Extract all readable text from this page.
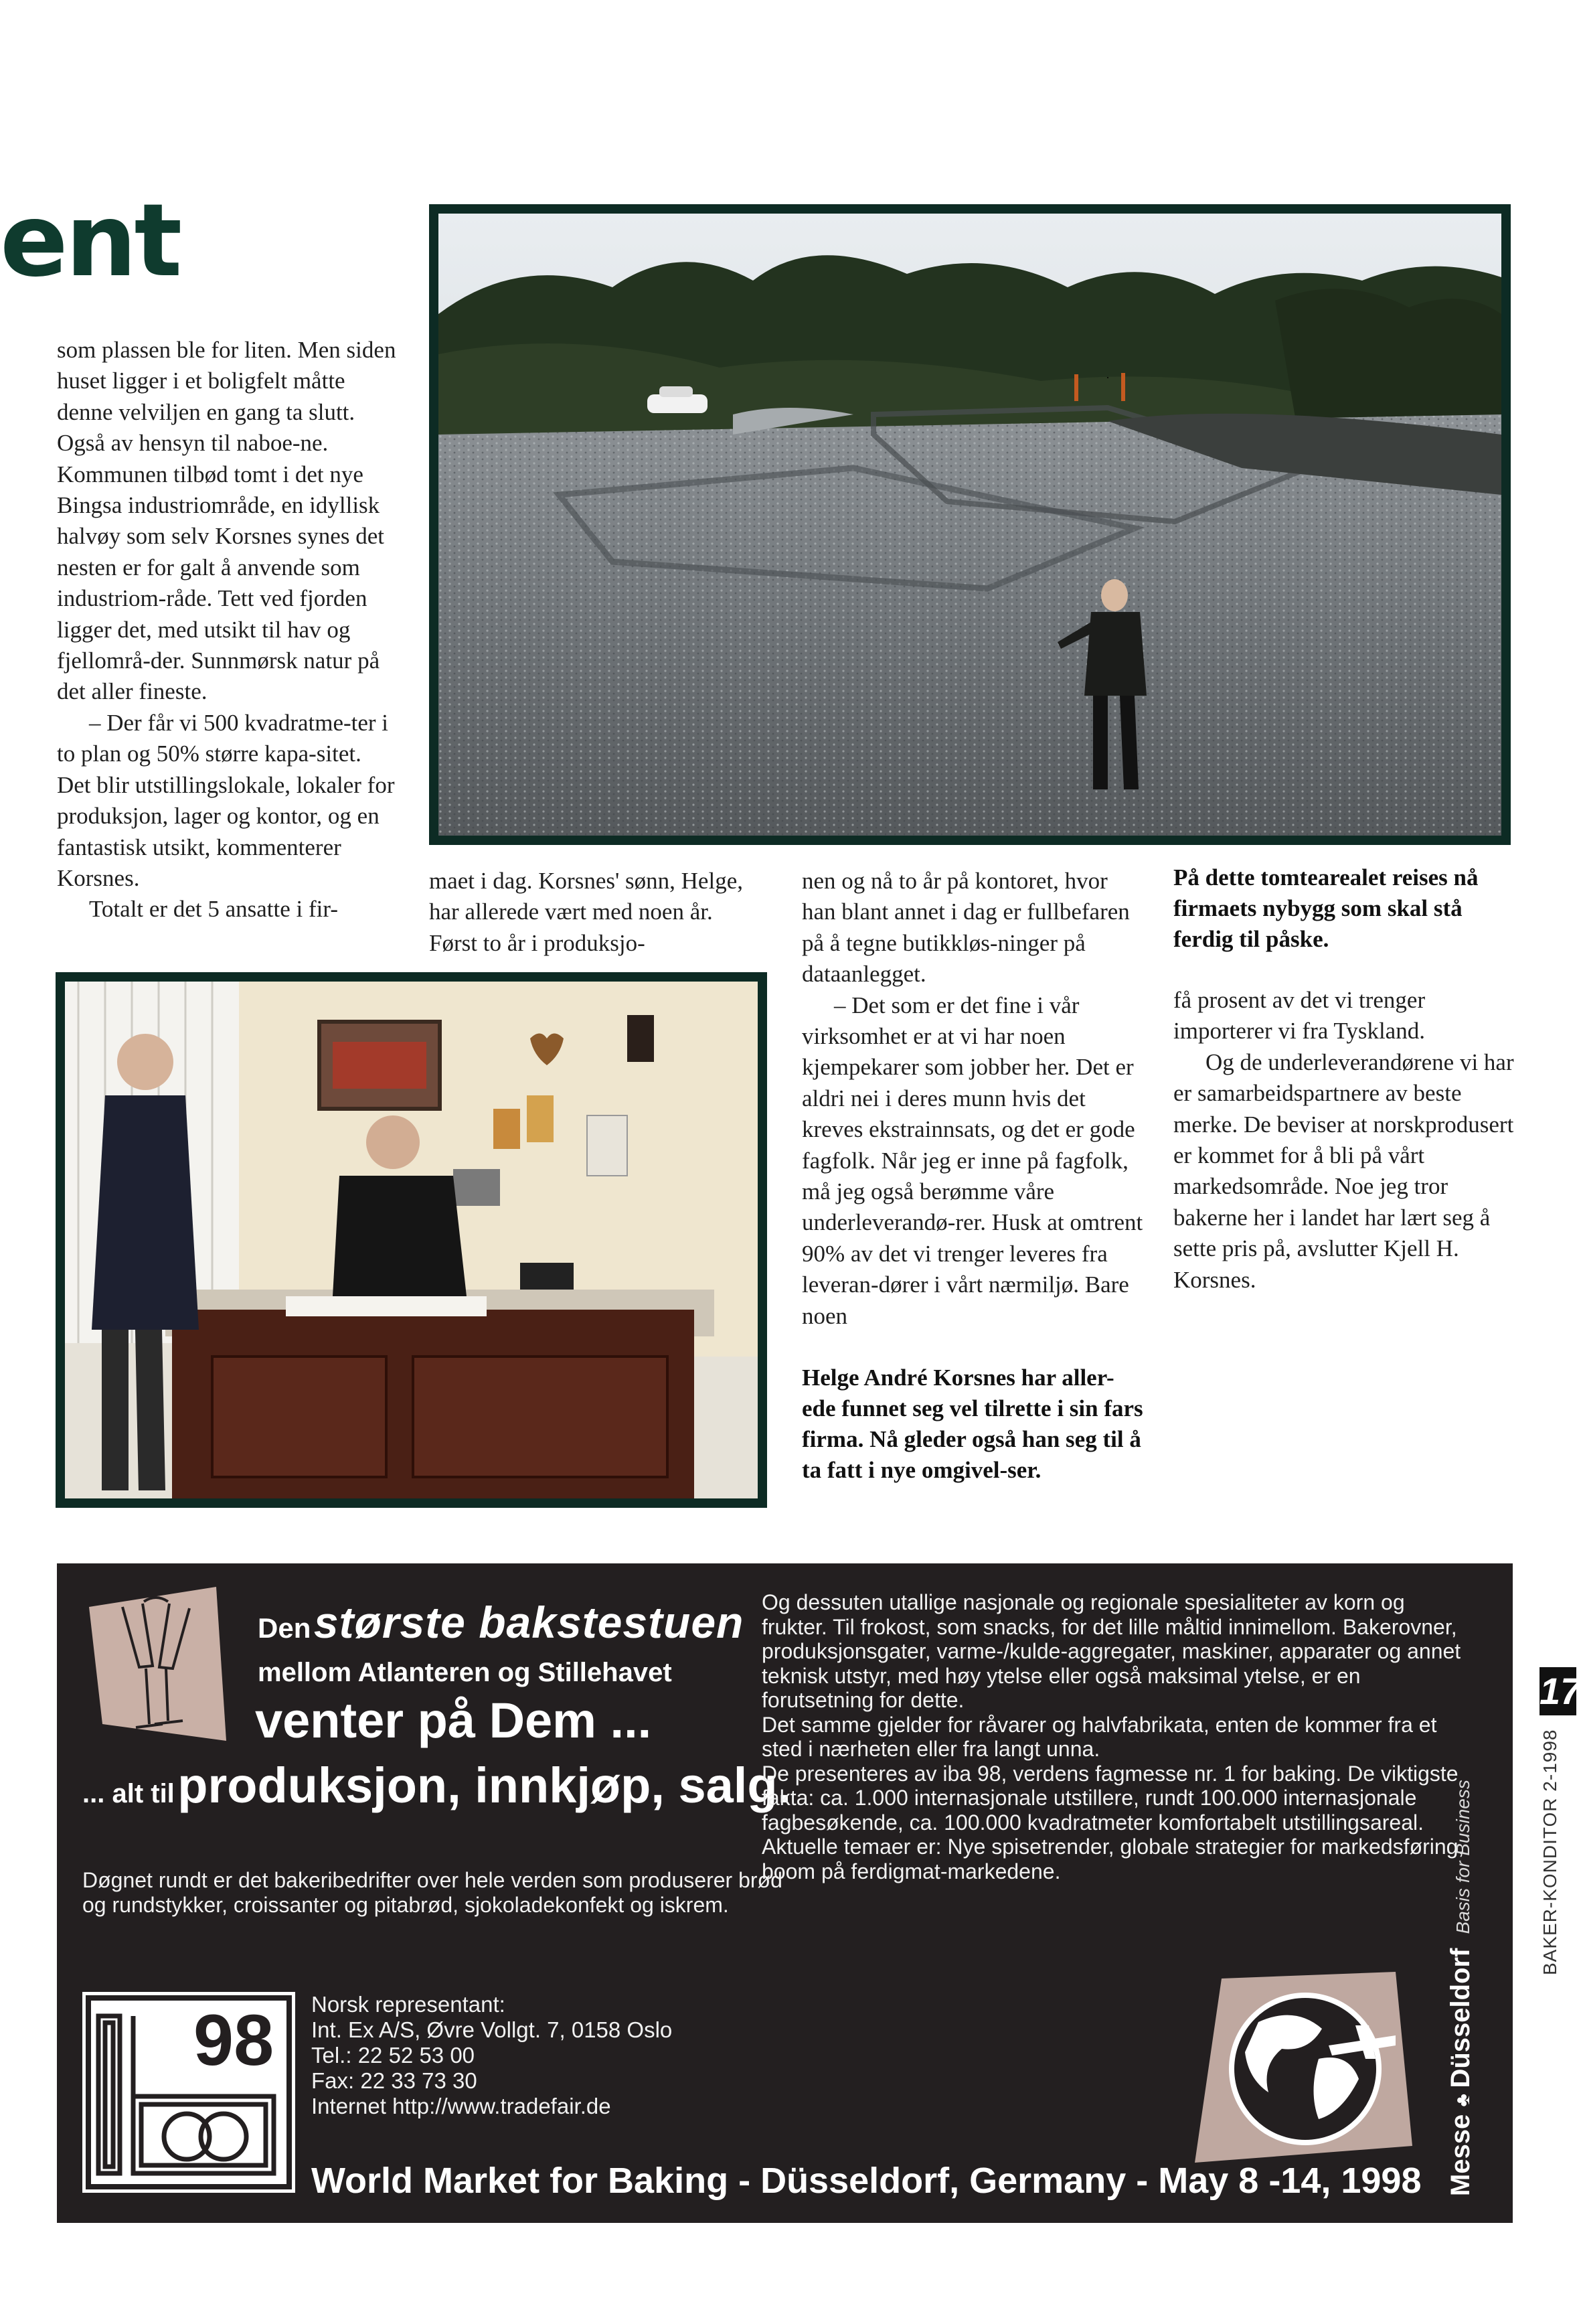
ent

som plassen ble for liten. Men siden huset ligger i et boligfelt måtte denne velviljen en gang ta slutt. Også av hensyn til naboe-ne. Kommunen tilbød tomt i det nye Bingsa industriområde, en idyllisk halvøy som selv Korsnes synes det nesten er for galt å anvende som industriom-råde. Tett ved fjorden ligger det, med utsikt til hav og fjellområ-der. Sunnmørsk natur på det aller fineste.

– Der får vi 500 kvadratme-ter i to plan og 50% større kapa-sitet. Det blir utstillingslokale, lokaler for produksjon, lager og kontor, og en fantastisk utsikt, kommenterer Korsnes.

Totalt er det 5 ansatte i fir-

maet i dag. Korsnes' sønn, Helge, har allerede vært med noen år. Først to år i produksjo-

nen og nå to år på kontoret, hvor han blant annet i dag er fullbefaren på å tegne butikkløs-ninger på dataanlegget.

– Det som er det fine i vår virksomhet er at vi har noen kjempekarer som jobber her. Det er aldri nei i deres munn hvis det kreves ekstrainnsats, og det er gode fagfolk. Når jeg er inne på fagfolk, må jeg også berømme våre underleverandø-rer. Husk at omtrent 90% av det vi trenger leveres fra leveran-dører i vårt nærmiljø. Bare noen

På dette tomtearealet reises nå firmaets nybygg som skal stå ferdig til påske.

få prosent av det vi trenger importerer vi fra Tyskland.

Og de underleverandørene vi har er samarbeidspartnere av beste merke. De beviser at norskprodusert er kommet for å bli på vårt markedsområde. Noe jeg tror bakerne her i landet har lært seg å sette pris på, avslutter Kjell H. Korsnes.

Helge André Korsnes har aller-ede funnet seg vel tilrette i sin fars firma. Nå gleder også han seg til å ta fatt i nye omgivel-ser.
Den største bakstestuen
mellom Atlanteren og Stillehavet
venter på Dem ...
... alt til produksjon, innkjøp, salg.

Døgnet rundt er det bakeribedrifter over hele verden som produserer brød og rundstykker, croissanter og pitabrød, sjokoladekonfekt og iskrem.

Og dessuten utallige nasjonale og regionale spesialiteter av korn og frukter. Til frokost, som snacks, for det lille måltid innimellom. Bakerovner, produksjonsgater, varme-/kulde-aggregater, maskiner, apparater og annet teknisk utstyr, med høy ytelse eller også maksimal ytelse, er en forutsetning for dette.

Det samme gjelder for råvarer og halvfabrikata, enten de kommer fra et sted i nærheten eller fra langt unna.

De presenteres av iba 98, verdens fagmesse nr. 1 for baking. De viktigste fakta: ca. 1.000 internasjonale utstillere, rundt 100.000 internasjonale fagbesøkende, ca. 100.000 kvadratmeter komfortabelt utstillingsareal. Aktuelle temaer er: Nye spisetrender, globale strategier for markedsføring, boom på ferdigmat-markedene.

98 Norsk representant:
Int. Ex A/S, Øvre Vollgt. 7, 0158 Oslo
Tel.: 22 52 53 00
Fax: 22 33 73 30
Internet http://www.tradefair.de
World Market for Baking - Düsseldorf, Germany - May 8 -14, 1998 Messe ♣ Düsseldorf Basis for Business
17
BAKER-KONDITOR 2-1998
